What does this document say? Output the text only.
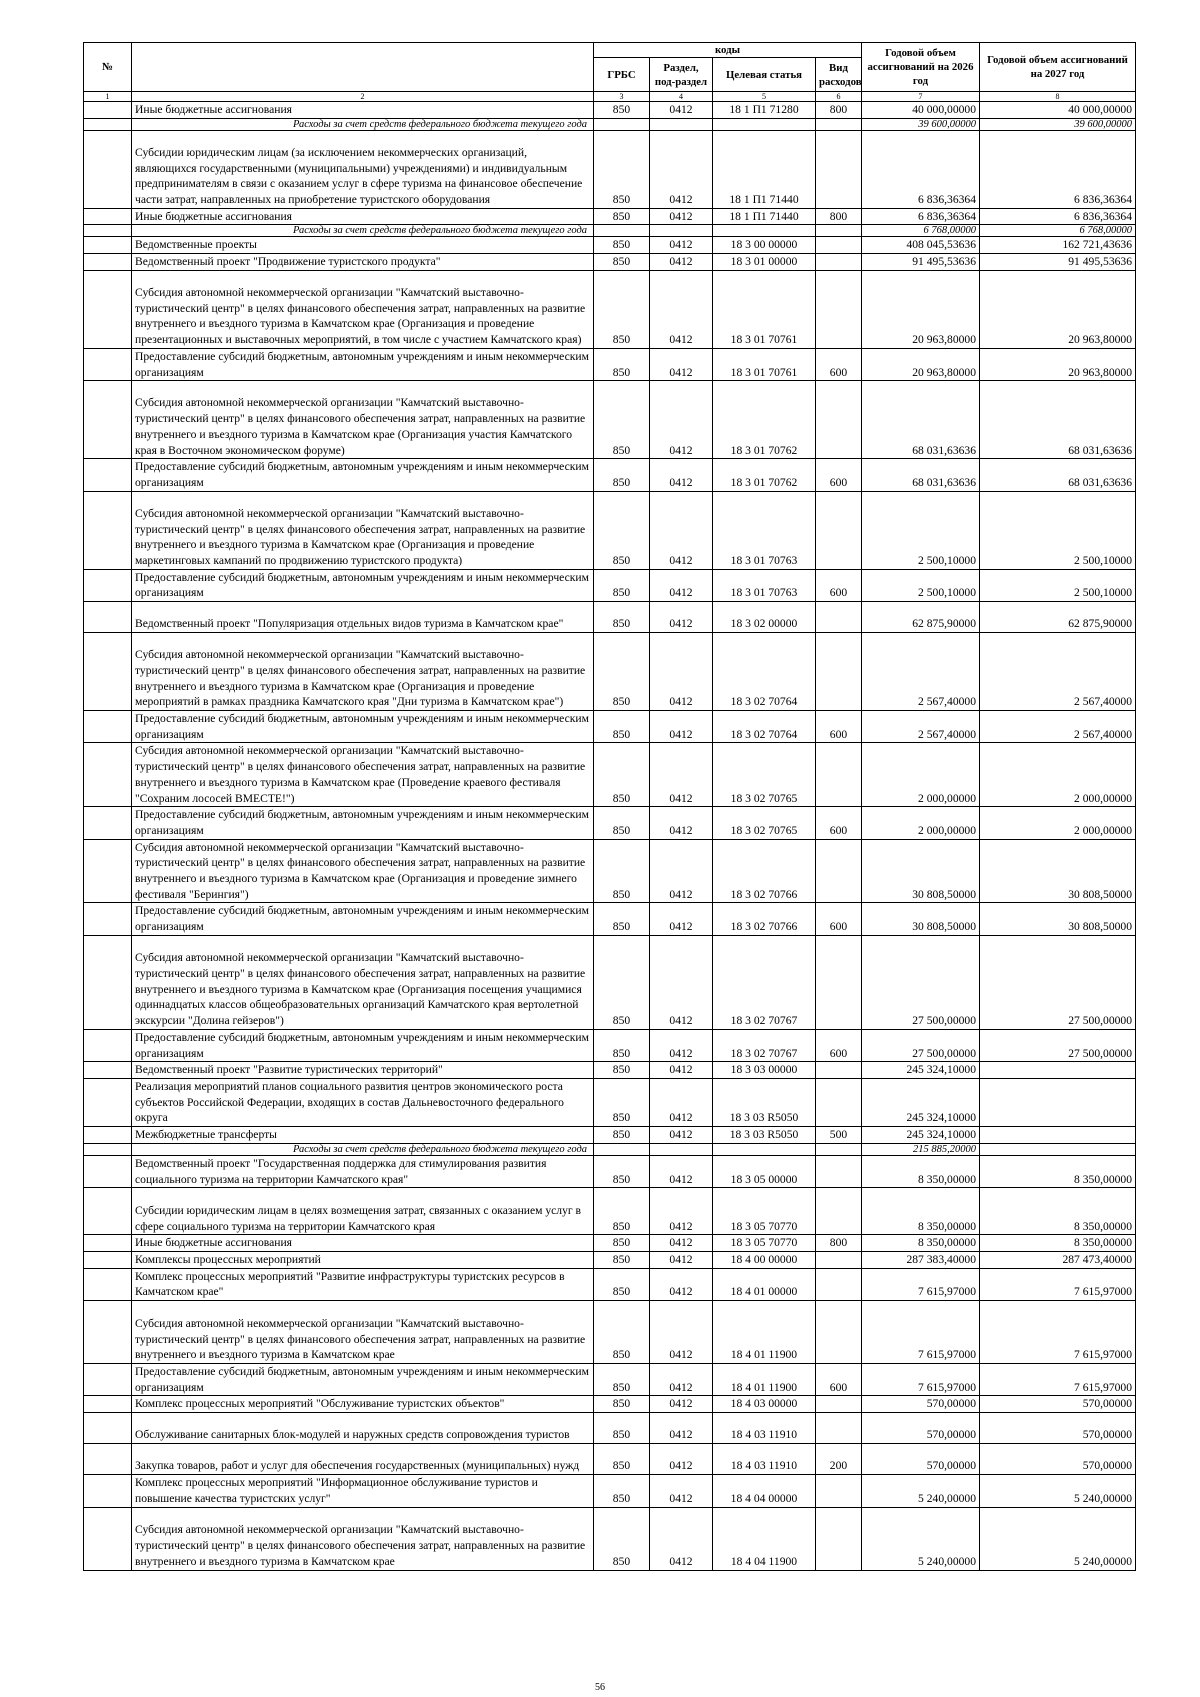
№		коды				Годовой объем ассигнований на 2026 год	Годовой объем ассигнований на 2027 год
		ГРБС	Раздел, под-раздел	Целевая статья	Вид расходов		
1	2	3	4	5	6	7	8
	Иные бюджетные ассигнования	850	0412	18 1 П1 71280	800	40 000,00000	40 000,00000
	Расходы за счет средств федерального бюджета текущего года					39 600,00000	39 600,00000
	Субсидии юридическим лицам (за исключением некоммерческих организаций, являющихся государственными (муниципальными) учреждениями) и индивидуальным предпринимателям в связи с оказанием услуг в сфере туризма на финансовое обеспечение части затрат, направленных на приобретение туристского оборудования	850	0412	18 1 П1 71440		6 836,36364	6 836,36364
	Иные бюджетные ассигнования	850	0412	18 1 П1 71440	800	6 836,36364	6 836,36364
	Расходы за счет средств федерального бюджета текущего года					6 768,00000	6 768,00000
	Ведомственные проекты	850	0412	18 3 00 00000		408 045,53636	162 721,43636
	Ведомственный проект "Продвижение туристского продукта"	850	0412	18 3 01 00000		91 495,53636	91 495,53636
	Субсидия автономной некоммерческой организации "Камчатский выставочно-туристический центр" в целях финансового обеспечения затрат, направленных на развитие внутреннего и въездного туризма в Камчатском крае (Организация и проведение презентационных и выставочных мероприятий, в том числе с участием Камчатского края)	850	0412	18 3 01 70761		20 963,80000	20 963,80000
	Предоставление субсидий бюджетным, автономным учреждениям и иным некоммерческим организациям	850	0412	18 3 01 70761	600	20 963,80000	20 963,80000
	Субсидия автономной некоммерческой организации "Камчатский выставочно-туристический центр" в целях финансового обеспечения затрат, направленных на развитие внутреннего и въездного туризма в Камчатском крае (Организация участия Камчатского края в Восточном экономическом форуме)	850	0412	18 3 01 70762		68 031,63636	68 031,63636
	Предоставление субсидий бюджетным, автономным учреждениям и иным некоммерческим организациям	850	0412	18 3 01 70762	600	68 031,63636	68 031,63636
	Субсидия автономной некоммерческой организации "Камчатский выставочно-туристический центр" в целях финансового обеспечения затрат, направленных на развитие внутреннего и въездного туризма в Камчатском крае (Организация и проведение маркетинговых кампаний по продвижению туристского продукта)	850	0412	18 3 01 70763		2 500,10000	2 500,10000
	Предоставление субсидий бюджетным, автономным учреждениям и иным некоммерческим организациям	850	0412	18 3 01 70763	600	2 500,10000	2 500,10000
	Ведомственный проект "Популяризация отдельных видов туризма в Камчатском крае"	850	0412	18 3 02 00000		62 875,90000	62 875,90000
	Субсидия автономной некоммерческой организации "Камчатский выставочно-туристический центр" в целях финансового обеспечения затрат, направленных на развитие внутреннего и въездного туризма в Камчатском крае (Организация и проведение мероприятий в рамках праздника Камчатского края "Дни туризма в Камчатском крае")	850	0412	18 3 02 70764		2 567,40000	2 567,40000
	Предоставление субсидий бюджетным, автономным учреждениям и иным некоммерческим организациям	850	0412	18 3 02 70764	600	2 567,40000	2 567,40000
	Субсидия автономной некоммерческой организации "Камчатский выставочно-туристический центр" в целях финансового обеспечения затрат, направленных на развитие внутреннего и въездного туризма в Камчатском крае (Проведение краевого фестиваля "Сохраним лососей ВМЕСТЕ!")	850	0412	18 3 02 70765		2 000,00000	2 000,00000
	Предоставление субсидий бюджетным, автономным учреждениям и иным некоммерческим организациям	850	0412	18 3 02 70765	600	2 000,00000	2 000,00000
	Субсидия автономной некоммерческой организации "Камчатский выставочно-туристический центр" в целях финансового обеспечения затрат, направленных на развитие внутреннего и въездного туризма в Камчатском крае (Организация и проведение зимнего фестиваля "Берингия")	850	0412	18 3 02 70766		30 808,50000	30 808,50000
	Предоставление субсидий бюджетным, автономным учреждениям и иным некоммерческим организациям	850	0412	18 3 02 70766	600	30 808,50000	30 808,50000
	Субсидия автономной некоммерческой организации "Камчатский выставочно-туристический центр" в целях финансового обеспечения затрат, направленных на развитие внутреннего и въездного туризма в Камчатском крае (Организация посещения учащимися одиннадцатых классов общеобразовательных организаций Камчатского края вертолетной экскурсии "Долина гейзеров")	850	0412	18 3 02 70767		27 500,00000	27 500,00000
	Предоставление субсидий бюджетным, автономным учреждениям и иным некоммерческим организациям	850	0412	18 3 02 70767	600	27 500,00000	27 500,00000
	Ведомственный проект "Развитие туристических территорий"	850	0412	18 3 03 00000		245 324,10000	
	Реализация мероприятий планов социального развития центров экономического роста субъектов Российской Федерации, входящих в состав Дальневосточного федерального округа	850	0412	18 3 03 R5050		245 324,10000	
	Межбюджетные трансферты	850	0412	18 3 03 R5050	500	245 324,10000	
	Расходы за счет средств федерального бюджета текущего года					215 885,20000	
	Ведомственный проект "Государственная поддержка для стимулирования развития социального туризма на территории Камчатского края"	850	0412	18 3 05 00000		8 350,00000	8 350,00000
	Субсидии юридическим лицам в целях возмещения затрат, связанных с оказанием услуг в сфере социального туризма на территории Камчатского края	850	0412	18 3 05 70770		8 350,00000	8 350,00000
	Иные бюджетные ассигнования	850	0412	18 3 05 70770	800	8 350,00000	8 350,00000
	Комплексы процессных мероприятий	850	0412	18 4 00 00000		287 383,40000	287 473,40000
	Комплекс процессных мероприятий "Развитие инфраструктуры туристских ресурсов в Камчатском крае"	850	0412	18 4 01 00000		7 615,97000	7 615,97000
	Субсидия автономной некоммерческой организации "Камчатский выставочно-туристический центр" в целях финансового обеспечения затрат, направленных на развитие внутреннего и въездного туризма в Камчатском крае	850	0412	18 4 01 11900		7 615,97000	7 615,97000
	Предоставление субсидий бюджетным, автономным учреждениям и иным некоммерческим организациям	850	0412	18 4 01 11900	600	7 615,97000	7 615,97000
	Комплекс процессных мероприятий "Обслуживание туристских объектов"	850	0412	18 4 03 00000		570,00000	570,00000
	Обслуживание санитарных блок-модулей и наружных средств сопровождения туристов	850	0412	18 4 03 11910		570,00000	570,00000
	Закупка товаров, работ и услуг для обеспечения государственных (муниципальных) нужд	850	0412	18 4 03 11910	200	570,00000	570,00000
	Комплекс процессных мероприятий "Информационное обслуживание туристов и повышение качества туристских услуг"	850	0412	18 4 04 00000		5 240,00000	5 240,00000
	Субсидия автономной некоммерческой организации "Камчатский выставочно-туристический центр" в целях финансового обеспечения затрат, направленных на развитие внутреннего и въездного туризма в Камчатском крае	850	0412	18 4 04 11900		5 240,00000	5 240,00000
56
